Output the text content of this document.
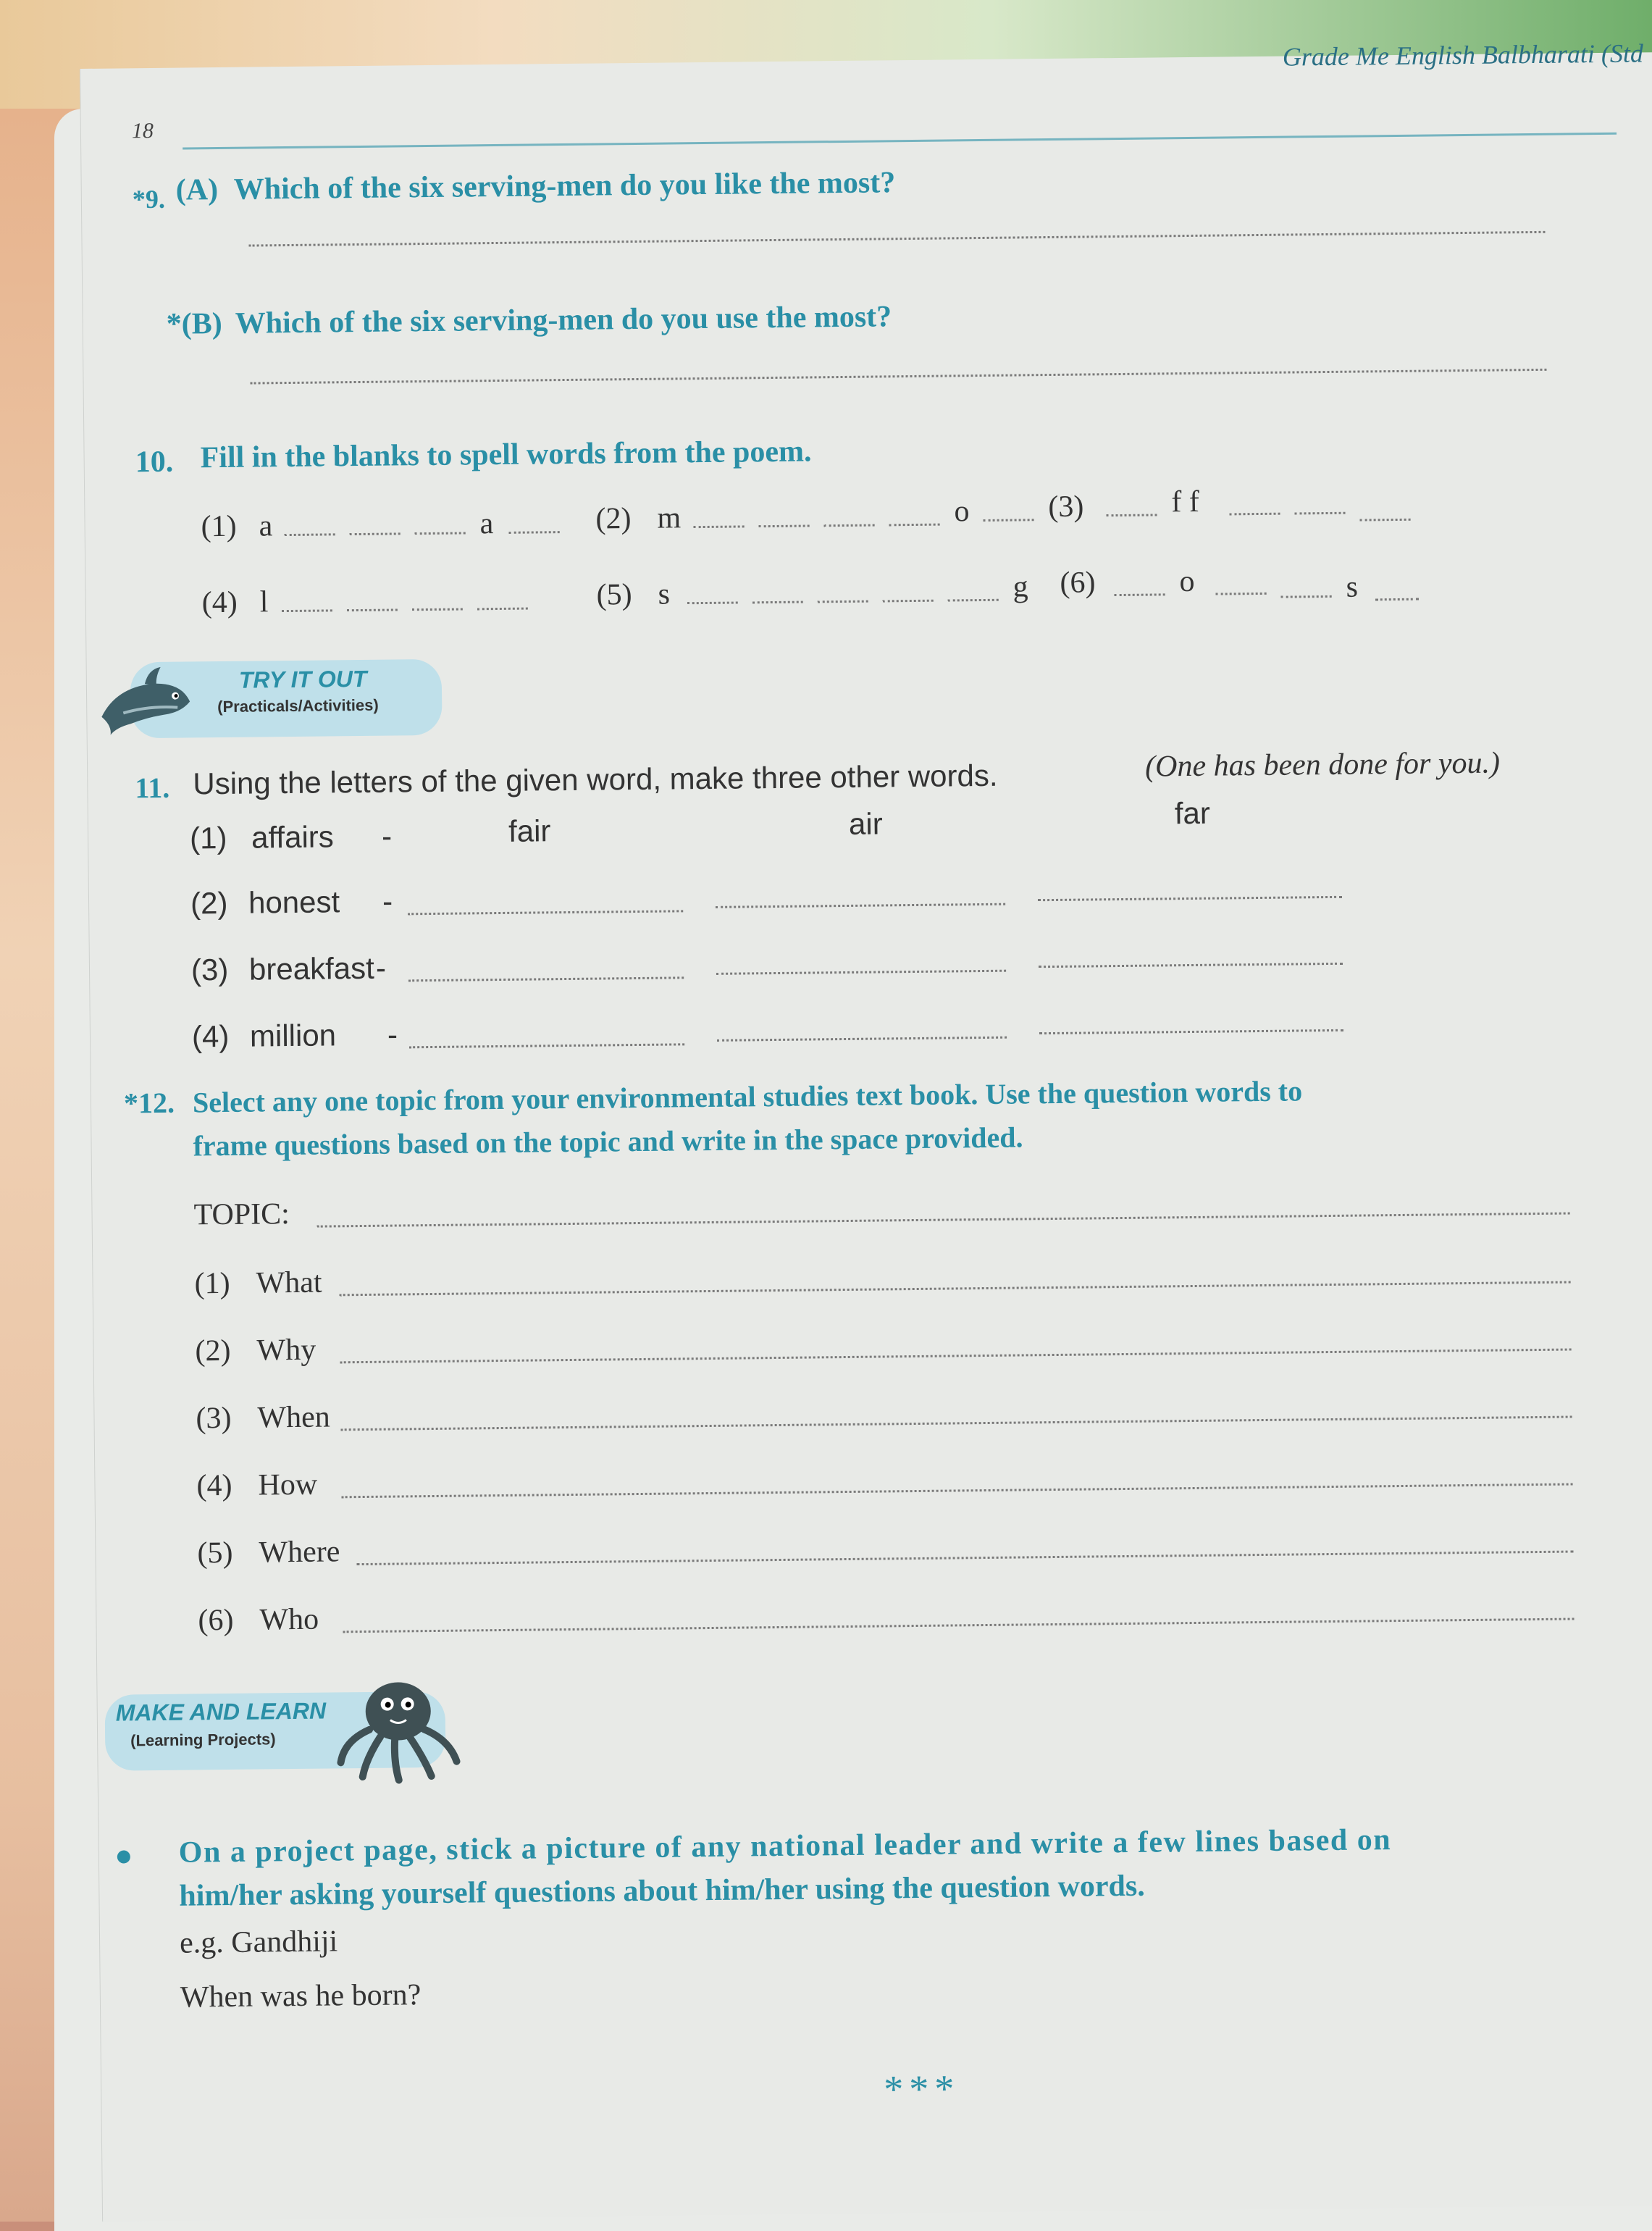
Grade Me English Balbharati (Std
18
*9. (A) Which of the six serving-men do you like the most?
*(B) Which of the six serving-men do you use the most?
10. Fill in the blanks to spell words from the poem.
(1) a	a	(2) m	o	(3)	f f
(4) l	(5) s	g (6)	o	s
TRY IT OUT
(Practicals/Activities)
11. Using the letters of the given word, make three other words.	(One has been done for you.)
(1) affairs -	fair	air	far
(2) honest -
(3) breakfast -
(4) million -
*12. Select any one topic from your environmental studies text book. Use the question words to
frame questions based on the topic and write in the space provided.
TOPIC:
(1) What
(2) Why
(3) When
(4) How
(5) Where
(6) Who
MAKE AND LEARN
(Learning Projects)
On a project page, stick a picture of any national leader and write a few lines based on
him/her asking yourself questions about him/her using the question words.
e.g. Gandhiji
When was he born?
***
